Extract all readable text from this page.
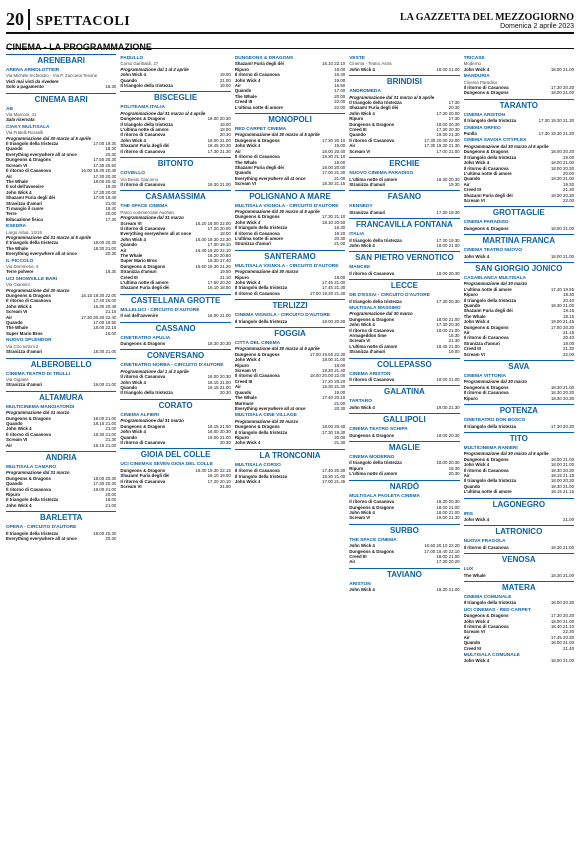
20 SPETTACOLI	LA GAZZETTA DEL MEZZOGIORNO
Domenica 2 aprile 2023
CINEMA - LA PROGRAMMAZIONE
ARENEBARI
ARENA ARMOLOTTEIR
Via Michele Inchiostro - Via P. Zaccaria Tesone
Visti mai visti da rivedere
Solo a pagamento	18.30
CINEMA BARI
AB
Via Marconi, 41
Sala riservata
CIAKY MULTISALA
Via Fratelli Rosselli
Programmazione dal 30 marzo al 5 aprile
Il triangolo della tristezza	17.00 19.30
Quando	18.30
Everything everywhere all at once	20.30
Dungeons & Dragons	17.50 20.30
Scream VI	17.30 20.50
Il ritorno di Casanova	16.00 18.30 20.40
Air	17.30 20.30
The Whale	18.00 20.40
Il sol dell'avvenire	19.30
John Wick 4	17.30 20.00
Shazam! Furia degli dèi	17.00 19.45
Stranizza d'amuri	21.00
Ti mangio il cuore	19.40
Terre	20.00
Educazione fisica	17.30
ESEDRA
Largo Adua, 14/15
Programmazione dal 31 marzo al 5 aprile
Il triangolo della tristezza	18.00 20.30
The Whale	18.30 21.00
Everything everywhere all at once	20.30
IL PICCOLO
Via Dommene, 6
Terre polvere	18.30
UCI SHOWVILLE BARI
Via Giannini
Programmazione dal 30 marzo
Dungeons & Dragons	16.15 19.30 22.00
Il ritorno di Casanova	17.40 20.00
John Wick 4	16.30 20.45
Scream VI	21.15
Air	17.30 20.30 22.40
Quando	17.00 19.50
The Whale	18.00 22.15
Super Mario Bros	16.00
NUOVO SPLENDOR
Via Ciro Iurinni 2
Stranizza d'amuri	18.30 21.00
ALBEROBELLO
CINEMA TEATRO DI TRULLI
Via Gigante
Stranizza d'amuri	19.00 21.00
ALTAMURA
MULTICINEMA MANGIATORDI
Programmazione dal 31 marzo
Dungeons & Dragons	18.00 21.00
Quando	18.15 21.00
John Wick 4	21.00
Il ritorno di Casanova	18.30 21.00
Scream VI	21.30
Air	18.15 21.00
ANDRIA
MULTISALA CAMARO
Programmazione dal 31 marzo
Dungeons & Dragons	18.00 20.30
Quando	17.30 20.30
Il ritorno di Casanova	19.00 21.00
Ripuro	20.00
Il triangolo della tristezza	18.00
John Wick 4	21.00
BARLETTA
OPERA - CIRCUITO D'AUTORE
Il triangolo della tristezza	18.00 20.30
Everything everywhere all at once	20.30
PADULLO
Corso Garibaldi, 27
Programmazione dal 1 al 2 aprile
John Wick 4	19.00
Quando	21.00
Il triangolo della tristezza	19.00
BISCEGLIE
POLITEAMA ITALIA
Programmazione dal 31 marzo al 4 aprile
Dungeons & Dragons	18.00 20.30
Il triangolo della tristezza	19.00
L'ultima notte di amore	18.00
Il ritorno di Casanova	20.30
John Wick 4	18.00 21.00
Shazam! Furia degli dèi	18.45 20.30
Il ritorno di Casanova	17.30 21.30
BITONTO
COVIELLO
Via Beato Giacomo
Il ritorno di Casanova	18.30 21.00
CASAMASSIMA
THE SPACE CINEMA
Parco commerciale Auchan
Programmazione dal 31 marzo
Scream VI	16.20 19.00 22.00
Il ritorno di Casanova	17.20 20.00
Everything everywhere all at once	18.00
John Wick 4	16.00 19.30 22.30
Quando	17.00 19.10
Air	16.40 19.20 22.10
The Whale	18.20 20.50
Super Mario Bros	15.30 17.40
Dungeons & Dragons	15.50 18.30 21.20
Stranizza d'amuri	19.50
Creed III	21.10
L'ultima notte di amore	17.50 20.20
Shazam! Furia degli dèi	16.10 18.50
CASTELLANA GROTTE
MILLELUCI - CIRCUITO D'AUTORE
Il sol dell'avvenire	18.00 21.00
CASSANO
CINETEATRO APULIA
Dungeons & Dragons	18.30 20.30
CONVERSANO
CINETEATRO NORBA - CIRCUITO D'AUTORE
Programmazione dal 1 al 2 aprile
Il ritorno di Casanova	18.00 20.30
John Wick 4	18.15 21.00
Quando	18.15 21.00
Il triangolo della tristezza	20.30
CORATO
CINEMA ALFIERI
Programmazione dal 31 marzo
Dungeons & Dragons	18.15 21.00
John Wick 4	18.00 20.30
Quando	19.00 21.00
Il ritorno di Casanova	20.30
GIOIA DEL COLLE
UCI CINEMAS SEVEN GIOIA DEL COLLE
Dungeons & Dragons	16.30 19.30 22.15
Shazam! Furia degli dèi	16.10 19.00
Il ritorno di Casanova	17.20 20.10
Scream VI	21.50
DUNGEONS & DRAGONS
Shazam! Furia degli dèi	16.10 22.10
Ripuro	18.00
Il ritorno di Casanova	16.40
John Wick 4	19.00
Air	16.50
Quando	17.00
The Whale	20.00
Creed III	22.00
L'ultima notte di amore	22.00
MONOPOLI
RED CARPET CINEMA
Programmazione dal 30 marzo al 5 aprile
Dungeons & Dragons	17.30 20.10
John Wick 4	19.00
Air	18.00 20.40
Il ritorno di Casanova	18.30 21.10
The Whale	19.00
Shazam! Furia degli dèi	18.00 20.00
Quando	17.00 21.30
Everything everywhere all at once	21.00
Scream VI	18.30 21.15
POLIGNANO A MARE
MULTISALA VIGNOLA - CIRCUITO D'AUTORE
Programmazione dal 30 marzo al 5 aprile
Dungeons & Dragons	17.30 21.10
John Wick 4	18.10 20.50
Il triangolo della tristezza	18.30
Il ritorno di Casanova	18.20
L'ultima notte di amore	20.30
Stranizza d'amuri	21.00
SANTERAMO
MULTISALA VIGNOLA - CIRCUITO D'AUTORE
Programmazione dal 30 marzo
Ripuro	18.00
John Wick 4	17.45 21.00
Il triangolo della tristezza	17.45 21.30
Il ritorno di Casanova	17.00 19.30 21.40
TERLIZZI
CINEMA VIGNOLA - CIRCUITO D'AUTORE
Il triangolo della tristezza	18.00 20.30
FOGGIA
CITTÀ DEL CINEMA
Programmazione dal 30 marzo al 5 aprile
Dungeons & Dragons	17.00 19.50 22.30
John Wick 4	18.00 21.00
Ripuro	18.00
Scream VI	19.20 21.40
Il ritorno di Casanova	18.00 20.00 22.00
Creed III	17.20 20.20
Air	18.30 21.30
Quando	19.00
The Whale	17.40 20.10
Murmure	21.00
Everything everywhere all at once	20.30
MULTISALA CINE VILLAGE
Programmazione dal 30 marzo
Dungeons & Dragons	18.00 20.40
Il triangolo della tristezza	17.30 19.30
Ripuro	20.00
John Wick 4	21.30
LA TRONCONIA
MULTISALA CORSO
Il ritorno di Casanova	17.40 20.30
Il triangolo della tristezza	18.30 21.00
John Wick 4	17.00 21.45
VESTE
Cinema - Teatro Astra
John Wick 4	18.00 21.00
BRINDISI
ANDROMEDA
Programmazione dal 31 marzo al 5 aprile
Il triangolo della tristezza	17.30
Shazam! Furia degli dèi	20.30
John Wick 4	17.30 20.00
Ripuro	17.30
Dungeons & Dragons	18.00 20.30
Creed III	17.30 20.30
Quando	19.30 21.30
Il ritorno di Casanova	17.30 20.00 22.00
Air	17.30 19.30 21.30
Scream VI	17.00 21.00
ERCHIE
NUOVO CINEMA PARADISO
L'ultima notte di amore	18.30 20.30
Stranizza d'amuri	19.30
FASANO
KENNEDY
Stranizza d'amuri	17.30 19.30
FRANCAVILLA FONTANA
ITALIA
Il triangolo della tristezza	17.30 19.30
John Wick 4	18.00 21.00
SAN PIETRO VERNOTICO
MANCINI
Il ritorno di Casanova	18.00 20.30
LECCE
DB D'ESSAI - CIRCUITO D'AUTORE
Il triangolo della tristezza	17.30 20.30
MULTISALA MASSIMO
Programmazione dal 30 marzo
Dungeons & Dragons	18.00 21.00
John Wick 4	17.30 20.30
Il ritorno di Casanova	18.00 21.00
Armageddon time	18.30
Scream VI	21.30
L'ultima notte di amore	18.45 21.00
Stranizza d'amuri	19.00
COLLEPASSO
CINEMA ARISTON
Il ritorno di Casanova	19.00 21.00
GALATINA
TARTARO
John Wick 4	19.00 21.30
GALLIPOLI
CINEMA TEATRO SCHIPA
Dungeons & Dragons	18.00 20.30
MAGLIE
CINEMA MODERNO
Il triangolo della tristezza	18.00 20.30
Ripuro	18.30
L'ultima notte di amore	20.30
NARDÒ
MULTISALA PAOLETA CINEMA
Il ritorno di Casanova	18.30 20.30
Dungeons & Dragons	18.00 21.00
John Wick 4	18.00 21.00
Scream VI	19.00 21.30
SURBO
THE SPACE CINEMA
John Wick 4	16.50 20.10 22.20
Dungeons & Dragons	17.00 19.40 22.10
Creed III	18.00 21.00
Air	17.30 20.20
TAVIANO
ARISTON
John Wick 4	18.30 21.00
TRICASE
Moderno
John Wick 4	18.00 21.00
MANDURIA
Cinema Paradiso
Il ritorno di Casanova	17.30 20.30
Dungeons & Dragons	18.00 21.00
TARANTO
CINEMA ARISTON
Il triangolo della tristezza	17.30 19.30 21.30
CINEMA ORFEO
Punlla	17.30 19.30 21.30
CINEMA SAVOIA CITYPLEX
Programmazione dal 30 marzo al 5 aprile
Dungeons & Dragons	18.00 20.30
Il triangolo della tristezza	19.00
John Wick 4	18.00 21.00
Il ritorno di Casanova	18.00 20.30
L'ultima notte di amore	20.00
Quando	18.30 21.00
Air	19.30
Creed III	21.30
Shazam! Furia degli dèi	18.00 20.30
Scream VI	22.00
GROTTAGLIE
CINEMA PARADISO
Dungeons & Dragons	18.00 21.00
MARTINA FRANCA
CINEMA TEATRO NUOVO
John Wick 4	18.00 21.00
SAN GIORGIO JONICO
CASABLANCA MULTISALA
Programmazione dal 30 marzo
L'ultima notte di amore	17.40 19.55
Ripuro	18.30
Il triangolo della tristezza	20.40
Quando	18.30 21.00
Shazam! Furia degli dèi	19.15
The Whale	18.15
John Wick 4	19.00 21.45
Dungeons & Dragons	17.50 20.30
Air	21.15
Il ritorno di Casanova	20.40
Stranizza d'amuri	18.00
Creed III	21.30
Scream VI	22.00
SAVA
CINEMA VITTORIA
Programmazione dal 30 marzo
Dungeons & Dragons	18.30 21.00
Il ritorno di Casanova	18.30 20.30
Ripuro	18.30 20.30
POTENZA
CINETEATRO DON BOSCO
Il triangolo della tristezza	17.30 20.30
TITO
MULTICINEMA RANIERI
Programmazione dal 30 marzo al 5 aprile
Dungeons & Dragons	18.00 21.00
John Wick 4	18.00 21.00
Il ritorno di Casanova	18.30 20.30
Air	18.15 21.15
Il triangolo della tristezza	18.00 20.30
Quando	18.30 21.00
L'ultima notte di amore	18.15 21.15
LAGONEGRO
IRIS
John Wick 4	21.00
LATRONICO
NUOVA FRAGOLA
Il ritorno di Casanova	18.30 21.00
VENOSA
LUX
The Whale	18.30 21.00
MATERA
CINEMA COMUNALE
Il triangolo della tristezza	18.00 20.30
UCI CINEMAS - RED CARPET
Dungeons & Dragons	17.30 20.30
John Wick 4	18.00 21.00
Il ritorno di Casanova	18.40 21.10
Scream VI	22.30
Air	17.45 20.30
Quando	18.00 21.00
Creed III	21.40
MULTISALA COMUNALE
John Wick 4	18.00 21.00
